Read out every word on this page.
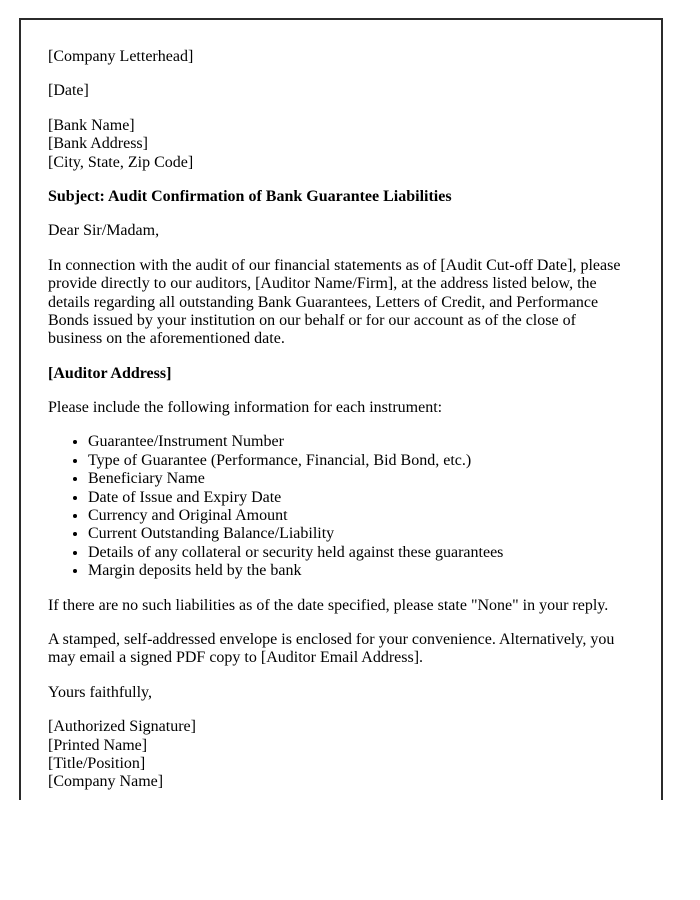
[Company Letterhead]

[Date]

[Bank Name]
[Bank Address]
[City, State, Zip Code]

Subject: Audit Confirmation of Bank Guarantee Liabilities

Dear Sir/Madam,

In connection with the audit of our financial statements as of [Audit Cut-off Date], please provide directly to our auditors, [Auditor Name/Firm], at the address listed below, the details regarding all outstanding Bank Guarantees, Letters of Credit, and Performance Bonds issued by your institution on our behalf or for our account as of the close of business on the aforementioned date.

[Auditor Address]

Please include the following information for each instrument:

• Guarantee/Instrument Number
• Type of Guarantee (Performance, Financial, Bid Bond, etc.)
• Beneficiary Name
• Date of Issue and Expiry Date
• Currency and Original Amount
• Current Outstanding Balance/Liability
• Details of any collateral or security held against these guarantees
• Margin deposits held by the bank

If there are no such liabilities as of the date specified, please state "None" in your reply.

A stamped, self-addressed envelope is enclosed for your convenience. Alternatively, you may email a signed PDF copy to [Auditor Email Address].

Yours faithfully,

[Authorized Signature]
[Printed Name]
[Title/Position]
[Company Name]
